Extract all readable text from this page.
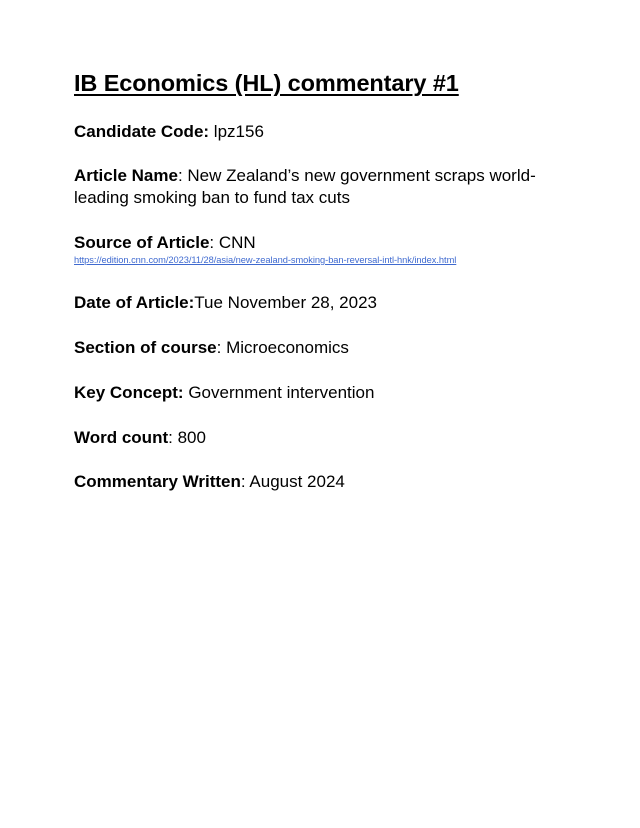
IB Economics (HL) commentary #1
Candidate Code: lpz156
Article Name: New Zealand’s new government scraps world-leading smoking ban to fund tax cuts
Source of Article: CNN
https://edition.cnn.com/2023/11/28/asia/new-zealand-smoking-ban-reversal-intl-hnk/index.html
Date of Article:Tue November 28, 2023
Section of course: Microeconomics
Key Concept: Government intervention
Word count: 800
Commentary Written: August 2024
